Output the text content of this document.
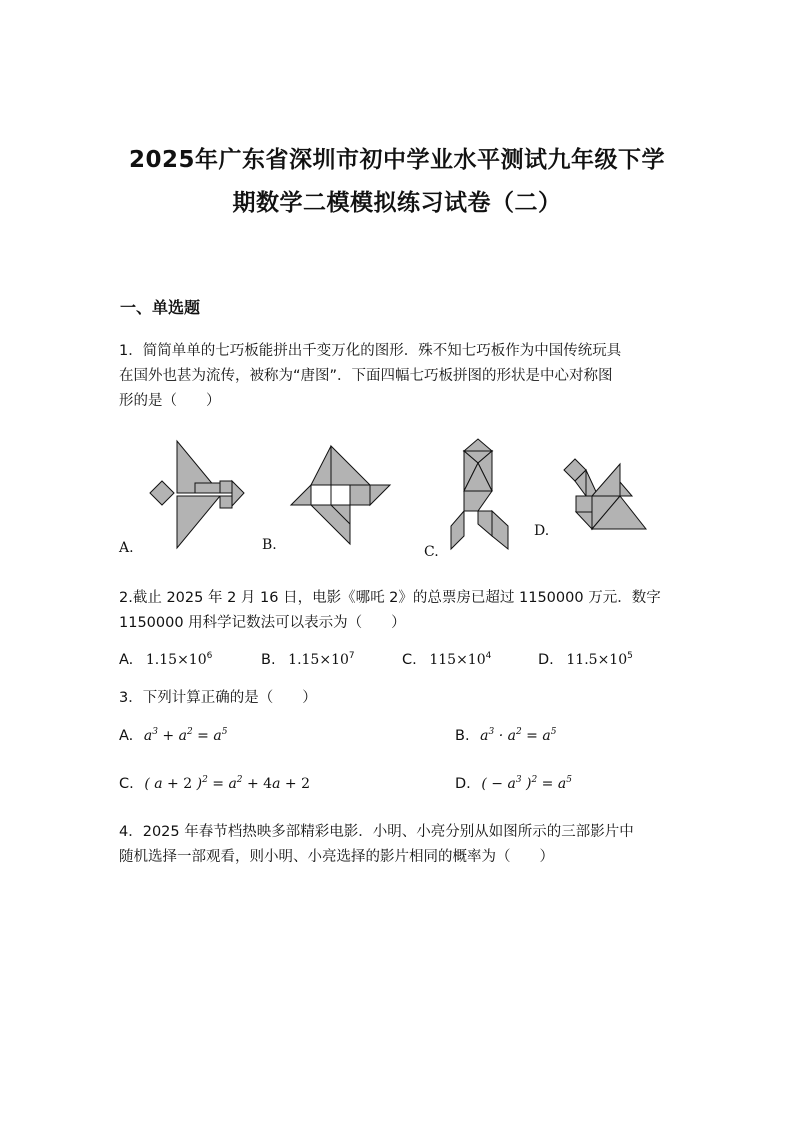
2025年广东省深圳市初中学业水平测试九年级下学
期数学二模模拟练习试卷（二）
一、单选题
1．简简单单的七巧板能拼出千变万化的图形．殊不知七巧板作为中国传统玩具
在国外也甚为流传，被称为“唐图”．下面四幅七巧板拼图的形状是中心对称图
形的是（　　）
A.	B.	C.
D.
2.截止 2025 年 2 月 16 日，电影《哪吒 2》的总票房已超过 1150000 万元．数字
1150000 用科学记数法可以表示为（　　）
A. $1.15\times 10^6$	B. $1.15\times 10^7$	C. $115\times 10^4$	D. $11.5\times 10^5$
3．下列计算正确的是（　　）
A. $a^3 + a^2 = a^5$	B. $a^3 \cdot a^2 = a^5$
C. ( a + 2 )$^2 = a^2 + 4a + 2$	D. ( − $a^3$ )$^2 = a^5$
4．2025 年春节档热映多部精彩电影．小明、小亮分别从如图所示的三部影片中
随机选择一部观看，则小明、小亮选择的影片相同的概率为（　　）
